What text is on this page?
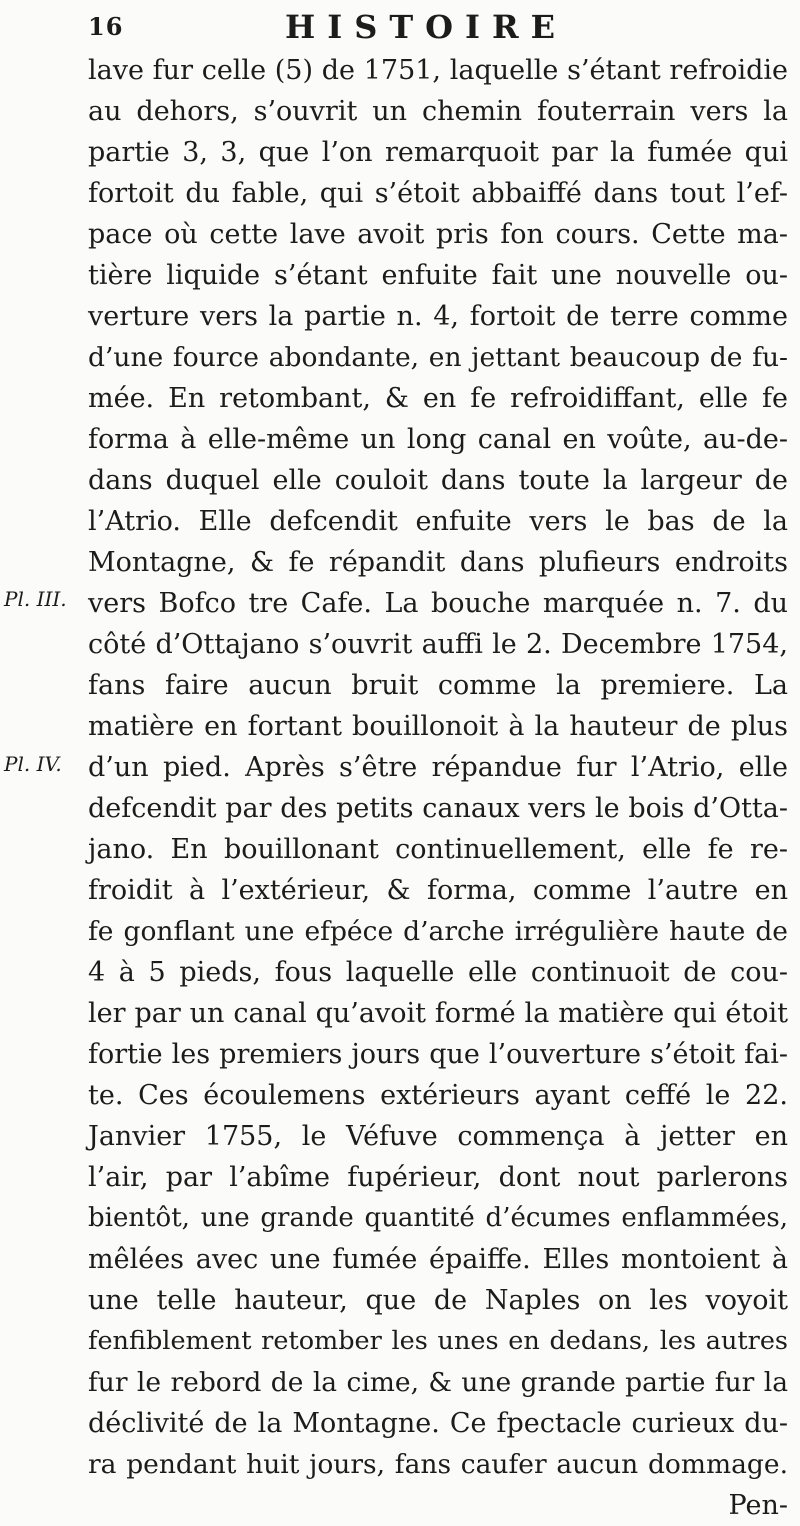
16	HISTOIRE
Pl. III.
Pl. IV.
lave fur celle (5) de 1751, laquelle s’étant refroidie
au dehors, s’ouvrit un chemin fouterrain vers la
partie 3, 3, que l’on remarquoit par la fumée qui
fortoit du fable, qui s’étoit abbaiffé dans tout l’ef-
pace où cette lave avoit pris fon cours. Cette ma-
tière liquide s’étant enfuite fait une nouvelle ou-
verture vers la partie n. 4, fortoit de terre comme
d’une fource abondante, en jettant beaucoup de fu-
mée. En retombant, & en fe refroidiffant, elle fe
forma à elle-même un long canal en voûte, au-de-
dans duquel elle couloit dans toute la largeur de
l’Atrio. Elle defcendit enfuite vers le bas de la
Montagne, & fe répandit dans plufieurs endroits
vers Bofco tre Cafe. La bouche marquée n. 7. du
côté d’Ottajano s’ouvrit auffi le 2. Decembre 1754,
fans faire aucun bruit comme la premiere. La
matière en fortant bouillonoit à la hauteur de plus
d’un pied. Après s’être répandue fur l’Atrio, elle
defcendit par des petits canaux vers le bois d’Otta-
jano. En bouillonant continuellement, elle fe re-
froidit à l’extérieur, & forma, comme l’autre en
fe gonflant une efpéce d’arche irrégulière haute de
4 à 5 pieds, fous laquelle elle continuoit de cou-
ler par un canal qu’avoit formé la matière qui étoit
fortie les premiers jours que l’ouverture s’étoit fai-
te. Ces écoulemens extérieurs ayant ceffé le 22.
Janvier 1755, le Véfuve commença à jetter en
l’air, par l’abîme fupérieur, dont nout parlerons
bientôt, une grande quantité d’écumes enflammées,
mêlées avec une fumée épaiffe. Elles montoient à
une telle hauteur, que de Naples on les voyoit
fenfiblement retomber les unes en dedans, les autres
fur le rebord de la cime, & une grande partie fur la
déclivité de la Montagne. Ce fpectacle curieux du-
ra pendant huit jours, fans caufer aucun dommage.
Pen-
